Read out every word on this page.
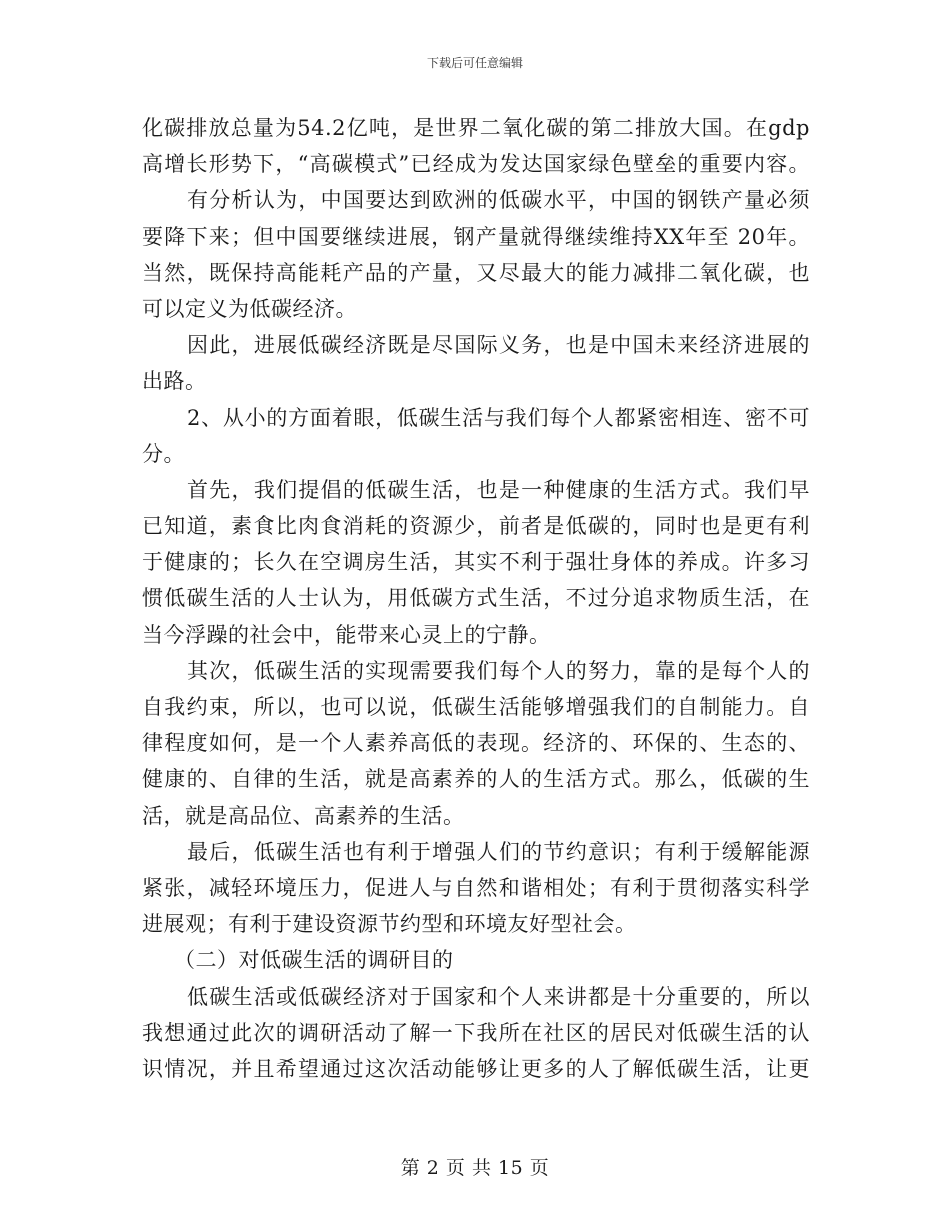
下载后可任意编辑
化碳排放总量为54.2亿吨，是世界二氧化碳的第二排放大国。在gdp
高增长形势下，“高碳模式”已经成为发达国家绿色壁垒的重要内容。
有分析认为，中国要达到欧洲的低碳水平，中国的钢铁产量必须
要降下来；但中国要继续进展，钢产量就得继续维持XX年至 20年。
当然，既保持高能耗产品的产量，又尽最大的能力减排二氧化碳，也
可以定义为低碳经济。
因此，进展低碳经济既是尽国际义务，也是中国未来经济进展的
出路。
2、从小的方面着眼，低碳生活与我们每个人都紧密相连、密不可
分。
首先，我们提倡的低碳生活，也是一种健康的生活方式。我们早
已知道，素食比肉食消耗的资源少，前者是低碳的，同时也是更有利
于健康的；长久在空调房生活，其实不利于强壮身体的养成。许多习
惯低碳生活的人士认为，用低碳方式生活，不过分追求物质生活，在
当今浮躁的社会中，能带来心灵上的宁静。
其次，低碳生活的实现需要我们每个人的努力，靠的是每个人的
自我约束，所以，也可以说，低碳生活能够增强我们的自制能力。自
律程度如何，是一个人素养高低的表现。经济的、环保的、生态的、
健康的、自律的生活，就是高素养的人的生活方式。那么，低碳的生
活，就是高品位、高素养的生活。
最后，低碳生活也有利于增强人们的节约意识；有利于缓解能源
紧张，减轻环境压力，促进人与自然和谐相处；有利于贯彻落实科学
进展观；有利于建设资源节约型和环境友好型社会。
（二）对低碳生活的调研目的
低碳生活或低碳经济对于国家和个人来讲都是十分重要的，所以
我想通过此次的调研活动了解一下我所在社区的居民对低碳生活的认
识情况，并且希望通过这次活动能够让更多的人了解低碳生活，让更
第 2 页 共 15 页
